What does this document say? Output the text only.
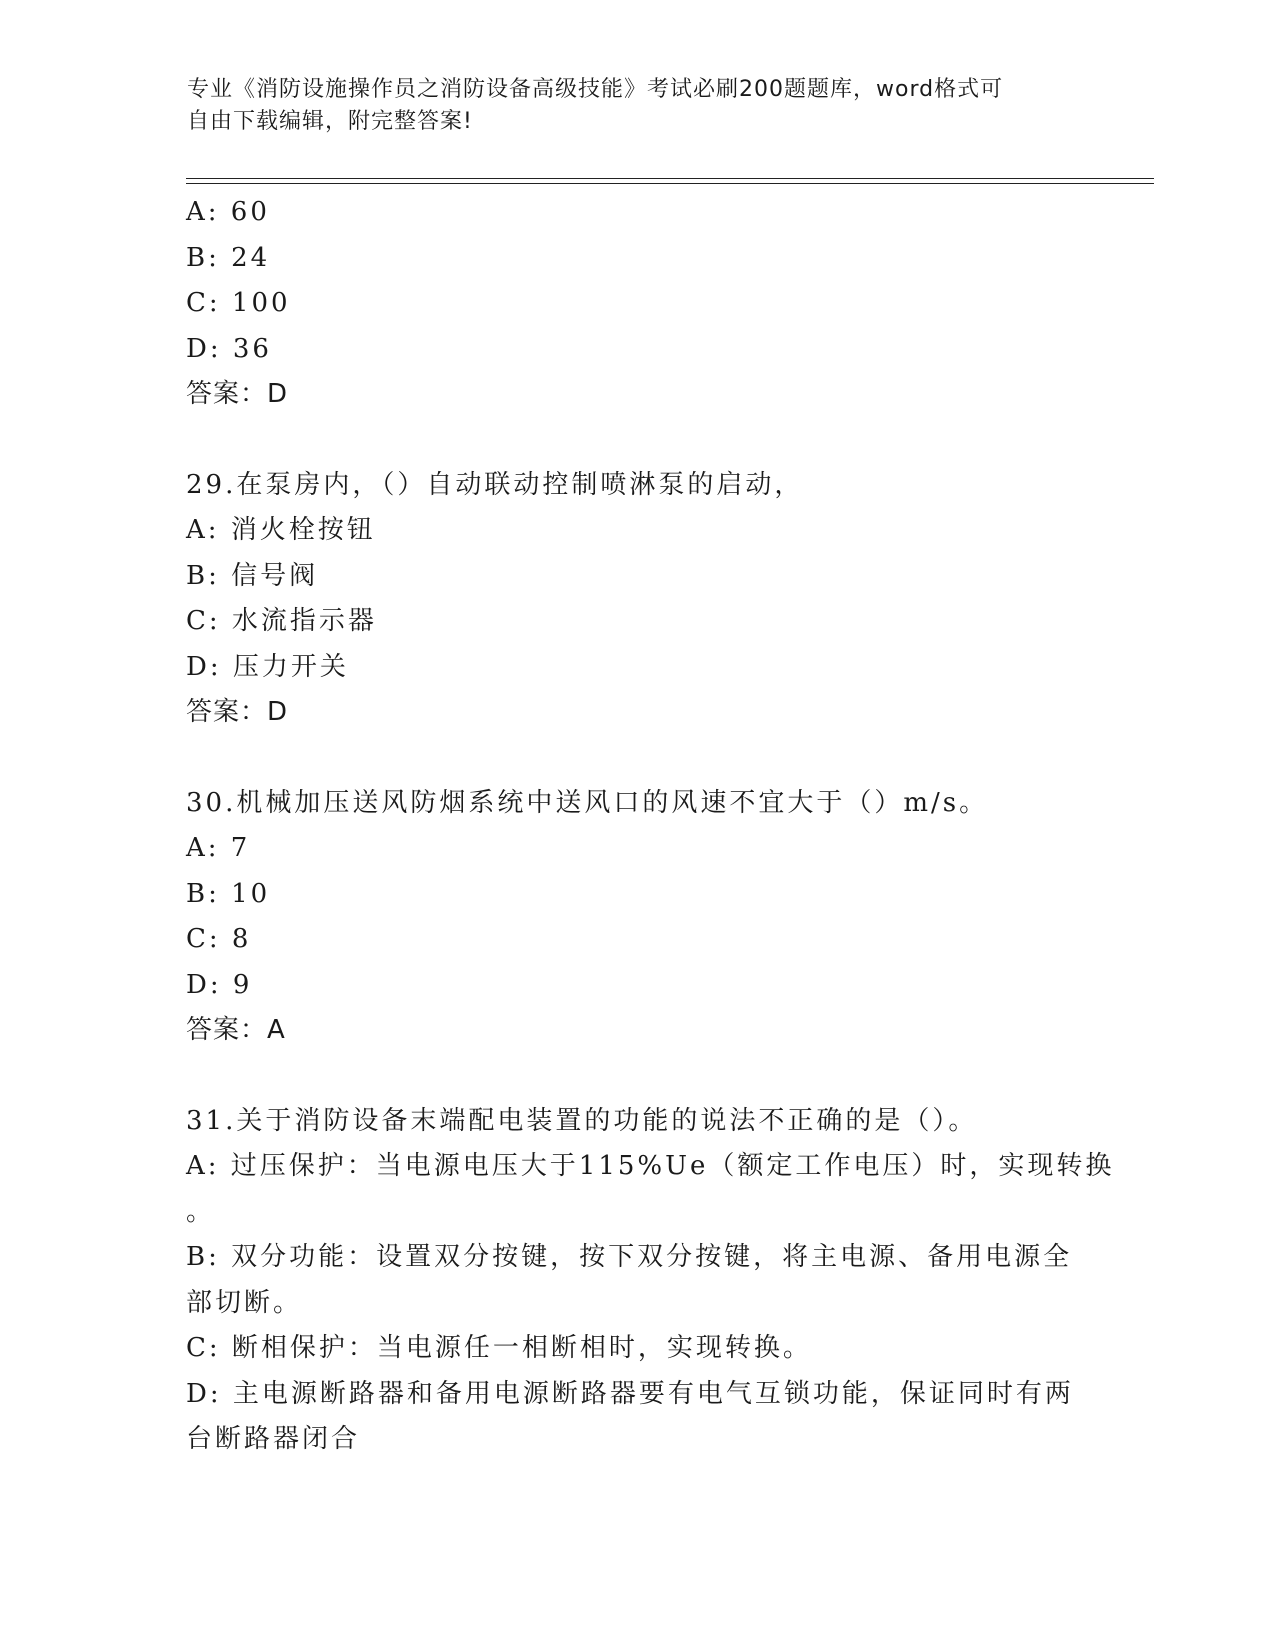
专业《消防设施操作员之消防设备高级技能》考试必刷200题题库，word格式可
自由下载编辑，附完整答案!
A: 60
B: 24
C: 100
D: 36
答案：D
29.在泵房内，（）自动联动控制喷淋泵的启动，
A: 消火栓按钮
B: 信号阀
C: 水流指示器
D: 压力开关
答案：D
30.机械加压送风防烟系统中送风口的风速不宜大于（）m/s。
A: 7
B: 10
C: 8
D: 9
答案：A
31.关于消防设备末端配电装置的功能的说法不正确的是（）。
A: 过压保护：当电源电压大于115%Ue（额定工作电压）时，实现转换
。
B: 双分功能：设置双分按键，按下双分按键，将主电源、备用电源全
部切断。
C: 断相保护：当电源任一相断相时，实现转换。
D: 主电源断路器和备用电源断路器要有电气互锁功能，保证同时有两
台断路器闭合
